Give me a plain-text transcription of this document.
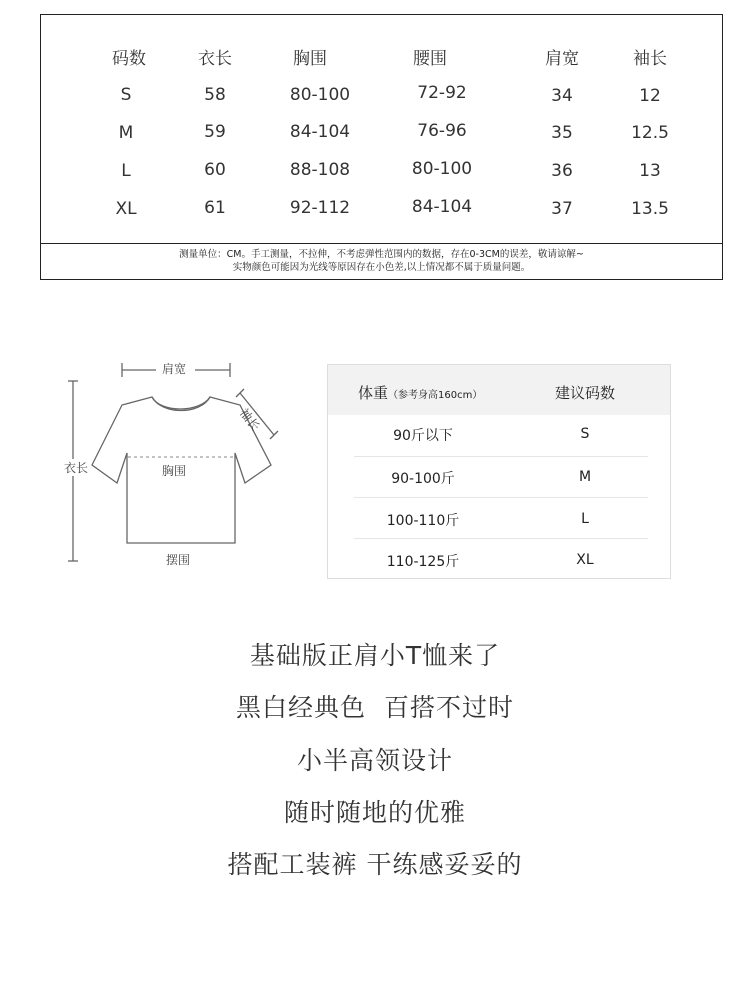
码数	衣长	胸围	腰围	肩宽	袖长
S	58	80-100	72-92	34	12
M	59	84-104	76-96	35	12.5
L	60	88-108	80-100	36	13
XL	61	92-112	84-104	37	13.5
测量单位：CM。手工测量，不拉伸，不考虑弹性范围内的数据，存在0-3CM的误差，敬请谅解~
实物颜色可能因为光线等原因存在小色差,以上情况都不属于质量问题。
肩宽
袖长
衣长	胸围
摆围
体重（参考身高160cm）	建议码数
90斤以下	S
90-100斤	M
100-110斤	L
110-125斤	XL
基础版正肩小T恤来了
黑白经典色  百搭不过时
小半高领设计
随时随地的优雅
搭配工装裤 干练感妥妥的
